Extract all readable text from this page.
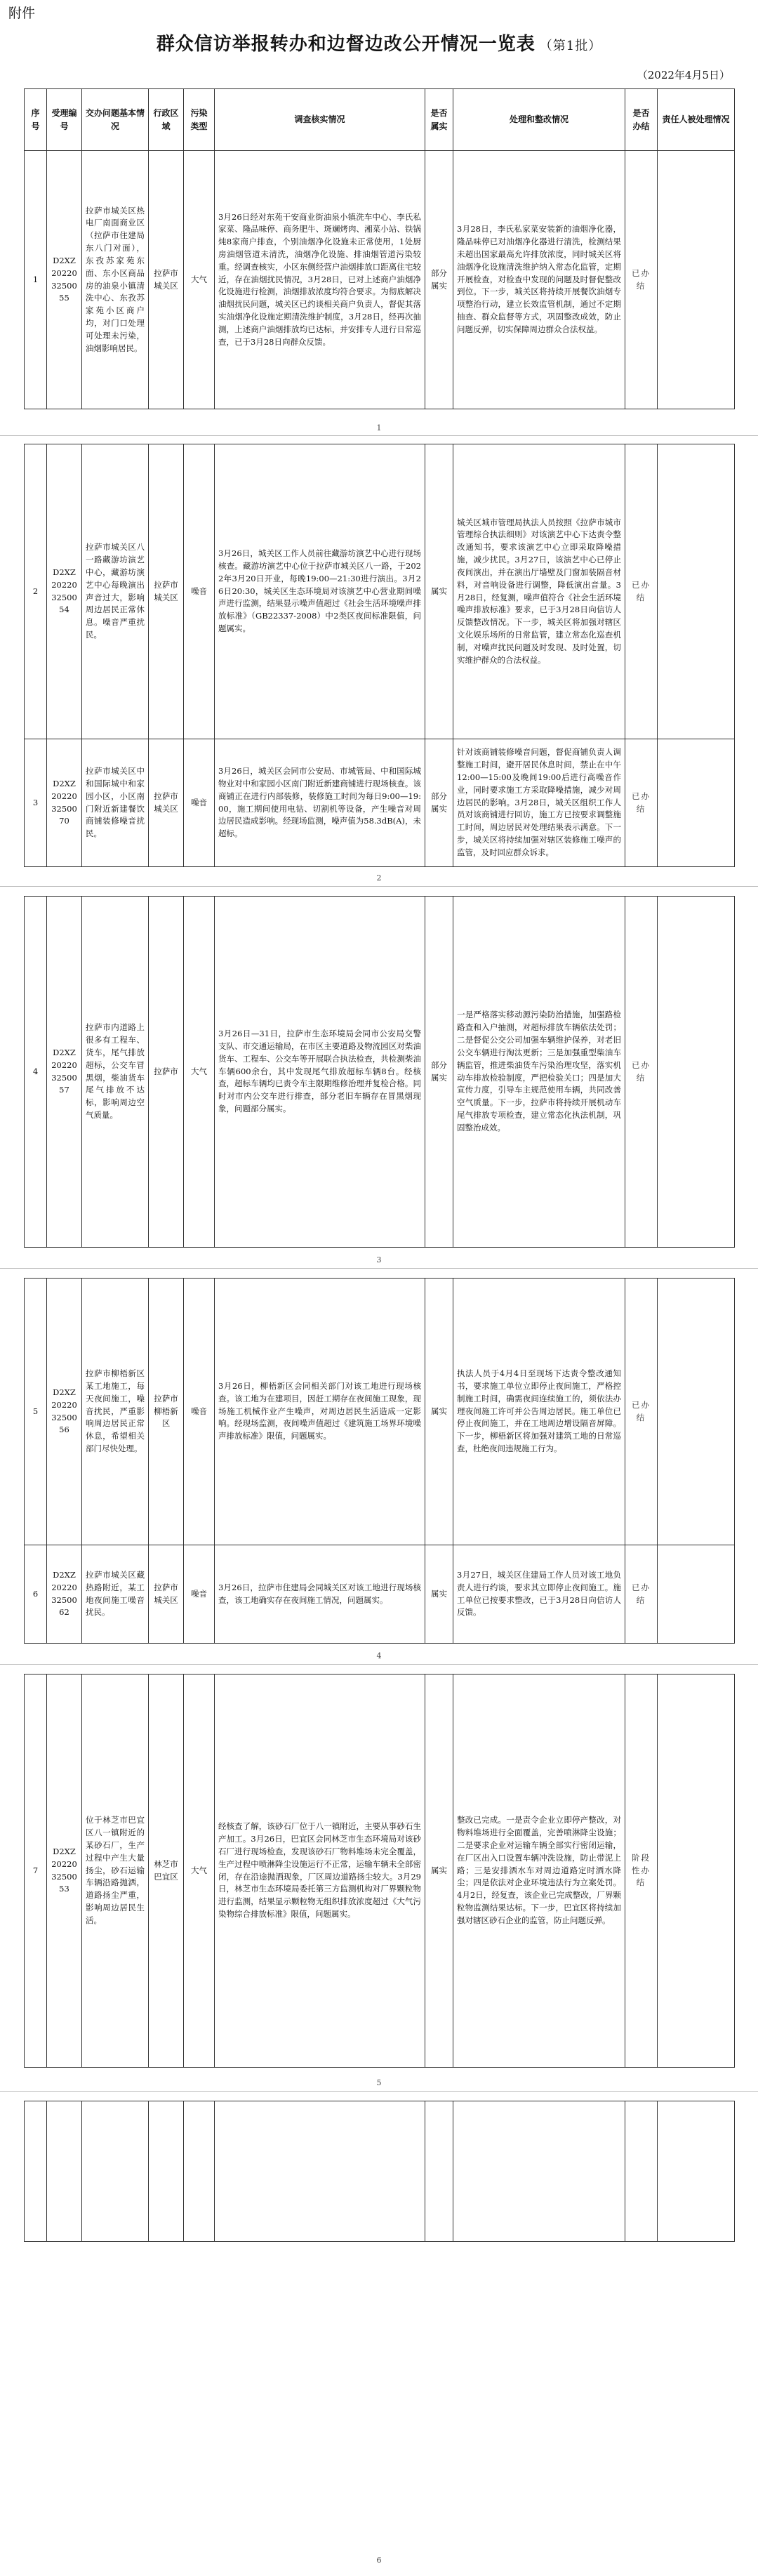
附件
群众信访举报转办和边督边改公开情况一览表 （第1批）
（2022年4月5日）
序号	受理编号	交办问题基本情况	行政区域	污染类型	调查核实情况	是否属实	处理和整改情况	是否办结	责任人被处理情况
1	D2XZ202203250055	拉萨市城关区热电厂南面商业区（拉萨市住建局东八门对面），东孜苏家苑东面、东小区商品房的油泉小镇清洗中心、东孜苏家苑小区商户均，对门口处理可处理未污染，油烟影响居民。	拉萨市城关区	大气	3月26日经对东苑干安商业街油泉小镇洗车中心、李氏私家菜、隆品味停、商务肥牛、斑斓烤肉、湘菜小站、铁锅炖8家商户排查，个别油烟净化设施未正常使用，1处厨房油烟管道未清洗，油烟净化设施、排油烟管道污染较重。经调查核实，小区东侧经营户油烟排放口距离住宅较近，存在油烟扰民情况，3月28日，已对上述商户油烟净化设施进行检测，油烟排放浓度均符合要求。为彻底解决油烟扰民问题，城关区已约谈相关商户负责人，督促其落实油烟净化设施定期清洗维护制度，3月28日，经再次抽测，上述商户油烟排放均已达标，并安排专人进行日常巡查，已于3月28日向群众反馈。	部分属实	3月28日，李氏私家菜安装新的油烟净化器，隆品味停已对油烟净化器进行清洗，检测结果未超出国家最高允许排放浓度，同时城关区将油烟净化设施清洗维护纳入常态化监管，定期开展检查，对检查中发现的问题及时督促整改到位。下一步，城关区将持续开展餐饮油烟专项整治行动，建立长效监管机制，通过不定期抽查、群众监督等方式，巩固整改成效，防止问题反弹，切实保障周边群众合法权益。	已办结	
1
2	D2XZ202203250054	拉萨市城关区八一路藏游坊演艺中心，藏游坊演艺中心每晚演出声音过大，影响周边居民正常休息。噪音严重扰民。	拉萨市城关区	噪音	3月26日，城关区工作人员前往藏游坊演艺中心进行现场核查。藏游坊演艺中心位于拉萨市城关区八一路，于2022年3月20日开业，每晚19:00—21:30进行演出。3月26日20:30，城关区生态环境局对该演艺中心营业期间噪声进行监测，结果显示噪声值超过《社会生活环境噪声排放标准》（GB22337-2008）中2类区夜间标准限值，问题属实。	属实	城关区城市管理局执法人员按照《拉萨市城市管理综合执法细则》对该演艺中心下达责令整改通知书，要求该演艺中心立即采取降噪措施，减少扰民。3月27日，该演艺中心已停止夜间演出，并在演出厅墙壁及门窗加装隔音材料，对音响设备进行调整，降低演出音量。3月28日，经复测，噪声值符合《社会生活环境噪声排放标准》要求，已于3月28日向信访人反馈整改情况。下一步，城关区将加强对辖区文化娱乐场所的日常监管，建立常态化巡查机制，对噪声扰民问题及时发现、及时处置，切实维护群众的合法权益。	已办结	
3	D2XZ202203250070	拉萨市城关区中和国际城中和家园小区，小区南门附近新建餐饮商铺装修噪音扰民。	拉萨市城关区	噪音	3月26日，城关区会同市公安局、市城管局、中和国际城物业对中和家园小区南门附近新建商铺进行现场核查。该商铺正在进行内部装修，装修施工时间为每日9:00—19:00，施工期间使用电钻、切割机等设备，产生噪音对周边居民造成影响。经现场监测，噪声值为58.3dB(A)，未超标。	部分属实	针对该商铺装修噪音问题，督促商铺负责人调整施工时间，避开居民休息时间，禁止在中午12:00—15:00及晚间19:00后进行高噪音作业，同时要求施工方采取降噪措施，减少对周边居民的影响。3月28日，城关区组织工作人员对该商铺进行回访，施工方已按要求调整施工时间，周边居民对处理结果表示满意。下一步，城关区将持续加强对辖区装修施工噪声的监管，及时回应群众诉求。	已办结	
2
4	D2XZ202203250057	拉萨市内道路上很多有工程车、货车，尾气排放超标，公交车冒黑烟，柴油货车尾气排放不达标，影响周边空气质量。	拉萨市	大气	3月26日—31日，拉萨市生态环境局会同市公安局交警支队、市交通运输局，在市区主要道路及物流园区对柴油货车、工程车、公交车等开展联合执法检查，共检测柴油车辆600余台，其中发现尾气排放超标车辆8台。经核查，超标车辆均已责令车主限期维修治理并复检合格。同时对市内公交车进行排查，部分老旧车辆存在冒黑烟现象，问题部分属实。	部分属实	一是严格落实移动源污染防治措施，加强路检路查和入户抽测，对超标排放车辆依法处罚；二是督促公交公司加强车辆维护保养，对老旧公交车辆进行淘汰更新；三是加强重型柴油车辆监管，推进柴油货车污染治理攻坚，落实机动车排放检验制度，严把检验关口；四是加大宣传力度，引导车主规范使用车辆，共同改善空气质量。下一步，拉萨市将持续开展机动车尾气排放专项检查，建立常态化执法机制，巩固整治成效。	已办结	
3
5	D2XZ202203250056	拉萨市柳梧新区某工地施工，每天夜间施工，噪音扰民，严重影响周边居民正常休息，希望相关部门尽快处理。	拉萨市柳梧新区	噪音	3月26日，柳梧新区会同相关部门对该工地进行现场核查。该工地为在建项目，因赶工期存在夜间施工现象，现场施工机械作业产生噪声，对周边居民生活造成一定影响。经现场监测，夜间噪声值超过《建筑施工场界环境噪声排放标准》限值，问题属实。	属实	执法人员于4月4日至现场下达责令整改通知书，要求施工单位立即停止夜间施工，严格控制施工时间，确需夜间连续施工的，须依法办理夜间施工许可并公告周边居民。施工单位已停止夜间施工，并在工地周边增设隔音屏障。下一步，柳梧新区将加强对建筑工地的日常巡查，杜绝夜间违规施工行为。	已办结	
6	D2XZ202203250062	拉萨市城关区藏热路附近，某工地夜间施工噪音扰民。	拉萨市城关区	噪音	3月26日，拉萨市住建局会同城关区对该工地进行现场核查，该工地确实存在夜间施工情况，问题属实。	属实	3月27日，城关区住建局工作人员对该工地负责人进行约谈，要求其立即停止夜间施工。施工单位已按要求整改，已于3月28日向信访人反馈。	已办结	
4
7	D2XZ202203250053	位于林芝市巴宜区八一镇附近的某砂石厂，生产过程中产生大量扬尘，砂石运输车辆沿路抛洒，道路扬尘严重，影响周边居民生活。	林芝市巴宜区	大气	经核查了解，该砂石厂位于八一镇附近，主要从事砂石生产加工。3月26日，巴宜区会同林芝市生态环境局对该砂石厂进行现场检查，发现该砂石厂物料堆场未完全覆盖，生产过程中喷淋降尘设施运行不正常，运输车辆未全部密闭，存在沿途抛洒现象，厂区周边道路扬尘较大。3月29日，林芝市生态环境局委托第三方监测机构对厂界颗粒物进行监测，结果显示颗粒物无组织排放浓度超过《大气污染物综合排放标准》限值，问题属实。	属实	整改已完成。一是责令企业立即停产整改，对物料堆场进行全面覆盖，完善喷淋降尘设施；二是要求企业对运输车辆全部实行密闭运输，在厂区出入口设置车辆冲洗设施，防止带泥上路；三是安排洒水车对周边道路定时洒水降尘；四是依法对企业环境违法行为立案处罚。4月2日，经复查，该企业已完成整改，厂界颗粒物监测结果达标。下一步，巴宜区将持续加强对辖区砂石企业的监管，防止问题反弹。	阶段性办结	
5

6
